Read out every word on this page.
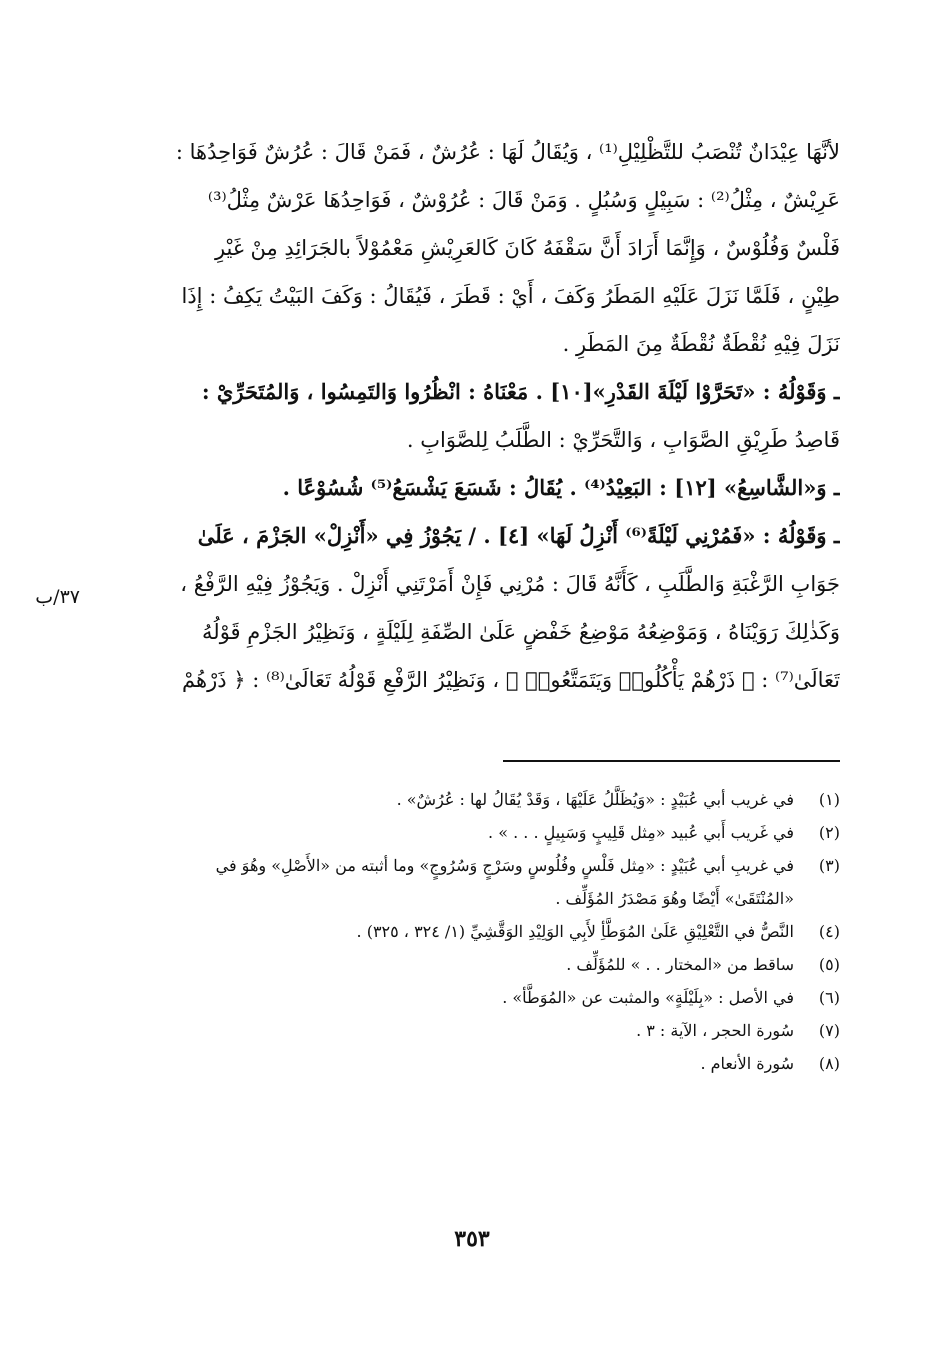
لأنَّهَا عِيْدَانٌ تُنْصَبُ للتَّظْلِيْلِ⁽¹⁾ ، وَيُقَالُ لَهَا : عُرُشٌ ، فَمَنْ قَالَ : عُرُشٌ فَوَاحِدُهَا :
عَرِيْشٌ ، مِثْلُ⁽²⁾ : سَبِيْلٍ وَسُبُلٍ . وَمَنْ قَالَ : عُرُوْشٌ ، فَوَاحِدُهَا عَرْشٌ مِثْلُ⁽³⁾
فَلْسٌ وَفُلُوْسٌ ، وَإِنَّمَا أَرَادَ أَنَّ سَقْفَهُ كَانَ كَالعَرِيْشِ مَعْمُوْلاً بالجَرَائِدِ مِنْ غَيْرِ
طِيْنٍ ، فَلَمَّا نَزَلَ عَلَيْهِ المَطَرُ وَكَفَ ، أَيْ : قَطَرَ ، فَيُقَالُ : وَكَفَ البَيْتُ يَكِفُ : إِذَا
نَزَلَ فِيْهِ نُقْطَةٌ نُقْطَةٌ مِنَ المَطَرِ .
ـ وَقَوْلُهُ : «تَحَرَّوْا لَيْلَةَ القَدْرِ»[١٠] . مَعْنَاهُ : انْظُرُوا وَالتَمِسُوا ، وَالمُتَحَرِّيْ :
قَاصِدُ طَرِيْقِ الصَّوَابِ ، وَالتَّحَرِّيْ : الطَّلَبُ لِلصَّوَابِ .
ـ وَ«الشَّاسِعُ» [١٢] : البَعِيْدُ⁽⁴⁾ . يُقَالُ : شَسَعَ يَشْسَعُ⁽⁵⁾ شُسُوْعًا .
ـ وَقَوْلُهُ : «فَمُرْنِي لَيْلَةً⁽⁶⁾ أَنْزِلُ لَهَا» [٤] . / يَجُوْزُ فِي «أَنْزِلْ» الجَزْمَ ، عَلَىٰ
جَوَابِ الرَّغْبَةِ وَالطَّلَبِ ، كَأَنَّهُ قَالَ : مُرْنِي فَإِنْ أَمَرْتَنِي أَنْزِلْ . وَيَجُوْزُ فِيْهِ الرَّفْعُ ،
وَكَذٰلِكَ رَوَيْنَاهُ ، وَمَوْضِعُهُ مَوْضِعُ خَفْضٍ عَلَىٰ الصِّفَةِ لِلَيْلَةٍ ، وَنَظِيْرُ الجَزْمِ قَوْلُهُ
تَعَالَىٰ⁽⁷⁾ : ﴿ ذَرْهُمْ يَأْكُلُوا۟ وَيَتَمَتَّعُوا۟ ﴾ ، وَنَظِيْرُ الرَّفْعِ قَوْلُهُ تَعَالَىٰ⁽⁸⁾ : ﴿ ذَرْهُمْ
٣٧/ب
(١)
في غريب أبي عُبَيْدٍ : «وَيُظَلَّلُ عَلَيْهَا ، وَقَدْ يُقَالُ لها : عُرُشٌ» .
(٢)
في غَريب أَبي عُبيد «مِثل قَلِيبٍ وَسَبِيلٍ . . . » .
(٣)
في غريبِ أبي عُبَيْدٍ : «مِثل فَلْسٍ وفُلُوسٍ وسَرْجٍ وَسُرُوجٍ» وما أثبته من «الأَصْلِ» وهُوَ في
«المُنْتَقَىٰ» أَيْضًا وهُوَ مَصْدَرُ المُؤَلِّف .
(٤)
النَّصُّ في التَّعْلِيْقِ عَلَىٰ المُوَطَّأِ لأَبِي الوَلِيْدِ الوَقَّشِيِّ (١/ ٣٢٤ ، ٣٢٥) .
(٥)
ساقط من «المختار . . » للمُؤَلِّف .
(٦)
في الأصل : «بِلَيْلَةٍ» والمثبت عن «المُوَطَّأ» .
(٧)
سُورة الحجر ، الآية : ٣ .
(٨)
سُورة الأنعام .
٣٥٣
